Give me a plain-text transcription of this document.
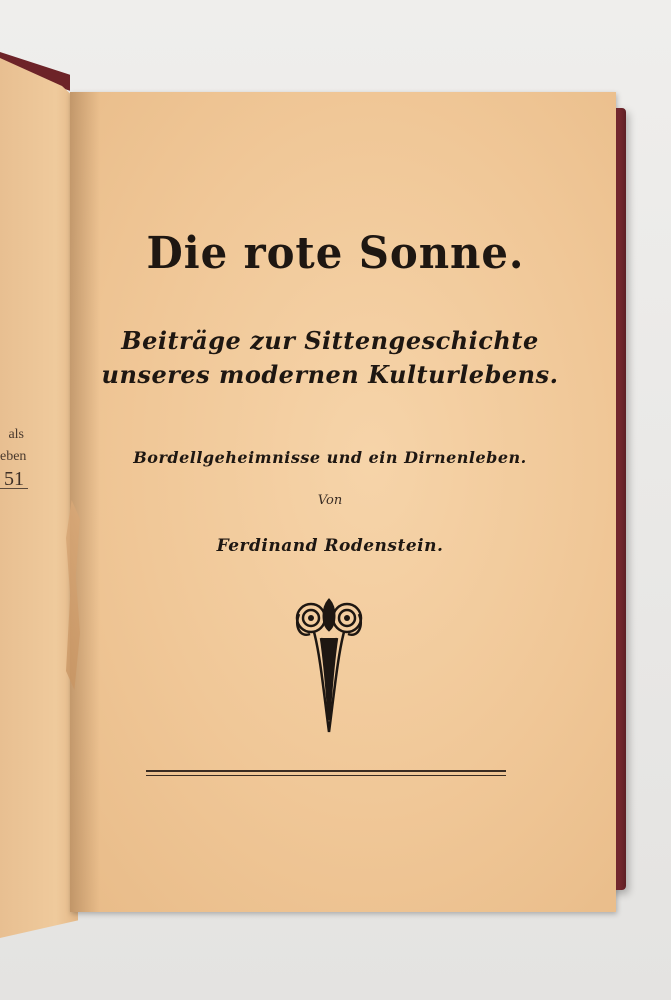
als
eben
51
Die rote Sonne.
Beiträge zur Sittengeschichte
unseres modernen Kulturlebens.
Bordellgeheimnisse und ein Dirnenleben.
Von
Ferdinand Rodenstein.
